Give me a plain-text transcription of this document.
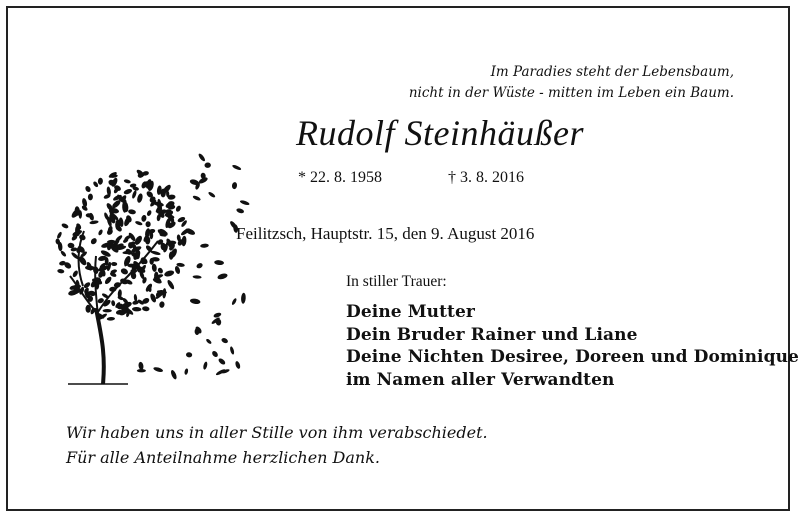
Im Paradies steht der Lebensbaum,
nicht in der Wüste - mitten im Leben ein Baum.
Rudolf Steinhäußer
* 22. 8. 1958	† 3. 8. 2016
Feilitzsch, Hauptstr. 15, den 9. August 2016
In stiller Trauer:
Deine Mutter
Dein Bruder Rainer und Liane
Deine Nichten Desiree, Doreen und Dominique
im Namen aller Verwandten
Wir haben uns in aller Stille von ihm verabschiedet.
Für alle Anteilnahme herzlichen Dank.
